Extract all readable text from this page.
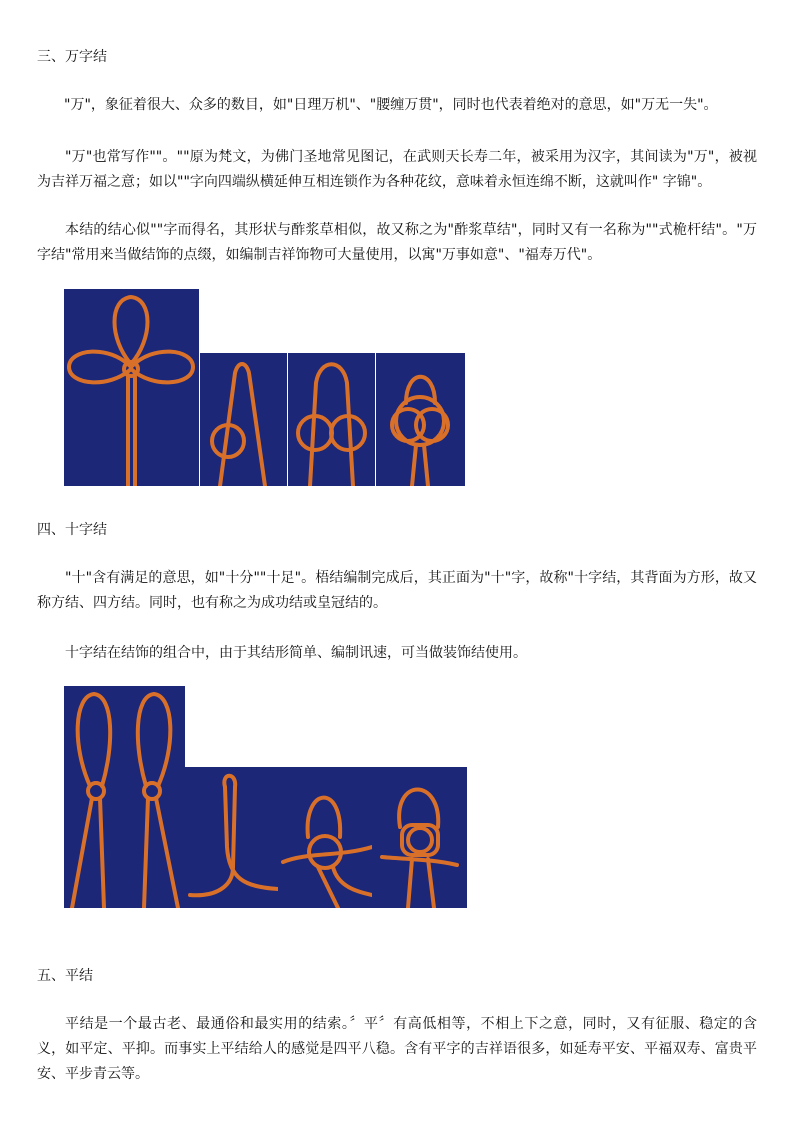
三、万字结

"万"，象征着很大、众多的数目，如"日理万机"、"腰缠万贯"，同时也代表着绝对的意思，如"万无一失"。

"万"也常写作""。""原为梵文，为佛门圣地常见图记，在武则天长寿二年，被采用为汉字，其间读为"万"，被视为吉祥万福之意；如以""字向四端纵横延伸互相连锁作为各种花纹，意味着永恒连绵不断，这就叫作" 字锦"。

本结的结心似""字而得名，其形状与酢浆草相似，故又称之为"酢浆草结"，同时又有一名称为""式桅杆结"。"万字结"常用来当做结饰的点缀，如编制吉祥饰物可大量使用，以寓"万事如意"、"福寿万代"。

四、十字结

"十"含有满足的意思，如"十分""十足"。梧结编制完成后，其正面为"十"字，故称"十字结，其背面为方形，故又称方结、四方结。同时，也有称之为成功结或皇冠结的。

十字结在结饰的组合中，由于其结形简单、编制讯速，可当做装饰结使用。

五、平结

平结是一个最古老、最通俗和最实用的结索。〞平〞有高低相等，不相上下之意，同时，又有征服、稳定的含义，如平定、平抑。而事实上平结给人的感觉是四平八稳。含有平字的吉祥语很多，如延寿平安、平福双寿、富贵平安、平步青云等。
